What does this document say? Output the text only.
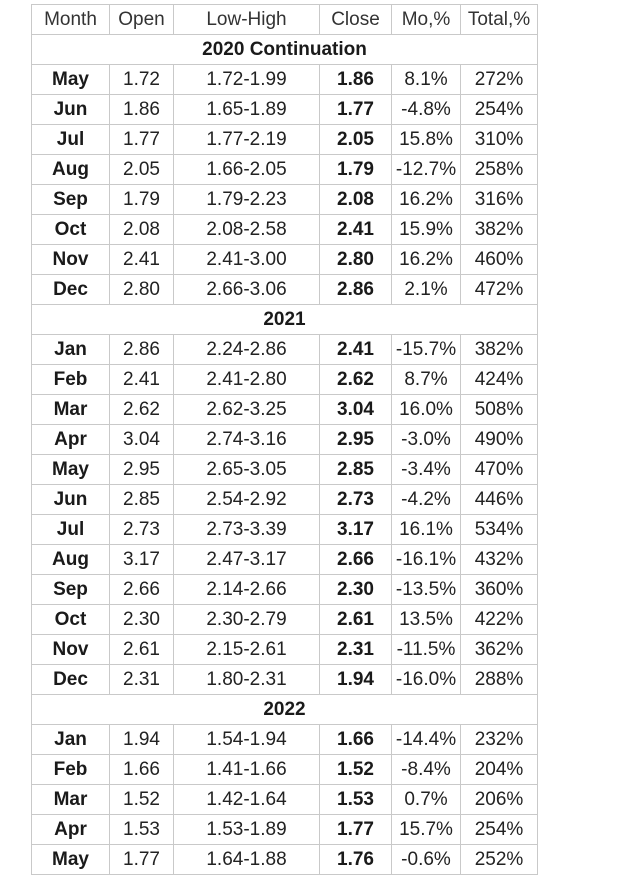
Month	Open	Low-High	Close	Mo,%	Total,%
2020 Continuation					
May	1.72	1.72-1.99	1.86	8.1%	272%
Jun	1.86	1.65-1.89	1.77	-4.8%	254%
Jul	1.77	1.77-2.19	2.05	15.8%	310%
Aug	2.05	1.66-2.05	1.79	-12.7%	258%
Sep	1.79	1.79-2.23	2.08	16.2%	316%
Oct	2.08	2.08-2.58	2.41	15.9%	382%
Nov	2.41	2.41-3.00	2.80	16.2%	460%
Dec	2.80	2.66-3.06	2.86	2.1%	472%
2021					
Jan	2.86	2.24-2.86	2.41	-15.7%	382%
Feb	2.41	2.41-2.80	2.62	8.7%	424%
Mar	2.62	2.62-3.25	3.04	16.0%	508%
Apr	3.04	2.74-3.16	2.95	-3.0%	490%
May	2.95	2.65-3.05	2.85	-3.4%	470%
Jun	2.85	2.54-2.92	2.73	-4.2%	446%
Jul	2.73	2.73-3.39	3.17	16.1%	534%
Aug	3.17	2.47-3.17	2.66	-16.1%	432%
Sep	2.66	2.14-2.66	2.30	-13.5%	360%
Oct	2.30	2.30-2.79	2.61	13.5%	422%
Nov	2.61	2.15-2.61	2.31	-11.5%	362%
Dec	2.31	1.80-2.31	1.94	-16.0%	288%
2022					
Jan	1.94	1.54-1.94	1.66	-14.4%	232%
Feb	1.66	1.41-1.66	1.52	-8.4%	204%
Mar	1.52	1.42-1.64	1.53	0.7%	206%
Apr	1.53	1.53-1.89	1.77	15.7%	254%
May	1.77	1.64-1.88	1.76	-0.6%	252%
